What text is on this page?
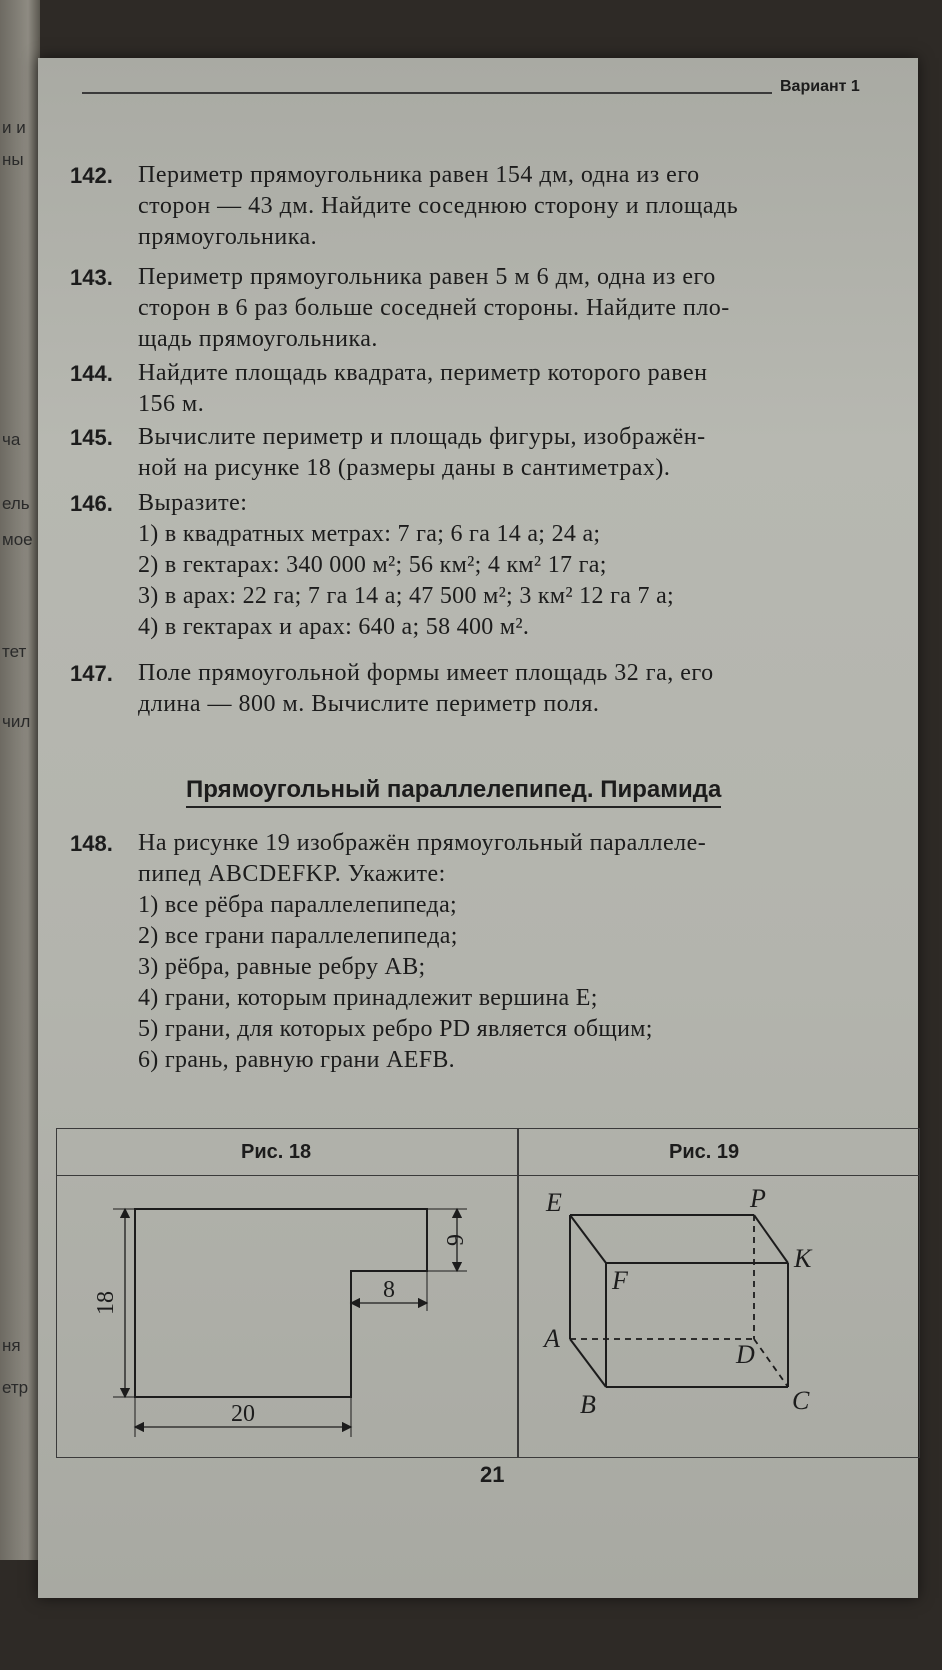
и и
ны
ча
ель
мое
тет
чил
ня
етр
Вариант 1
142.	Периметр прямоугольника равен 154 дм, одна из его
сторон — 43 дм. Найдите соседнюю сторону и площадь
прямоугольника.
143.	Периметр прямоугольника равен 5 м 6 дм, одна из его
сторон в 6 раз больше соседней стороны. Найдите пло-
щадь прямоугольника.
144.	Найдите площадь квадрата, периметр которого равен
156 м.
145.	Вычислите периметр и площадь фигуры, изображён-
ной на рисунке 18 (размеры даны в сантиметрах).
146.	Выразите:
1) в квадратных метрах: 7 га; 6 га 14 а; 24 а;
2) в гектарах: 340 000 м²; 56 км²; 4 км² 17 га;
3) в арах: 22 га; 7 га 14 а; 47 500 м²; 3 км² 12 га 7 а;
4) в гектарах и арах: 640 а; 58 400 м².
147.	Поле прямоугольной формы имеет площадь 32 га, его
длина — 800 м. Вычислите периметр поля.
Прямоугольный параллелепипед. Пирамида
148.	На рисунке 19 изображён прямоугольный параллеле-
пипед ABCDEFKP. Укажите:
1) все рёбра параллелепипеда;
2) все грани параллелепипеда;
3) рёбра, равные ребру AB;
4) грани, которым принадлежит вершина E;
5) грани, для которых ребро PD является общим;
6) грань, равную грани AEFB.
Рис. 18	Рис. 19
18
6
8
20
E	P
K
F
A
D
B	C
21
